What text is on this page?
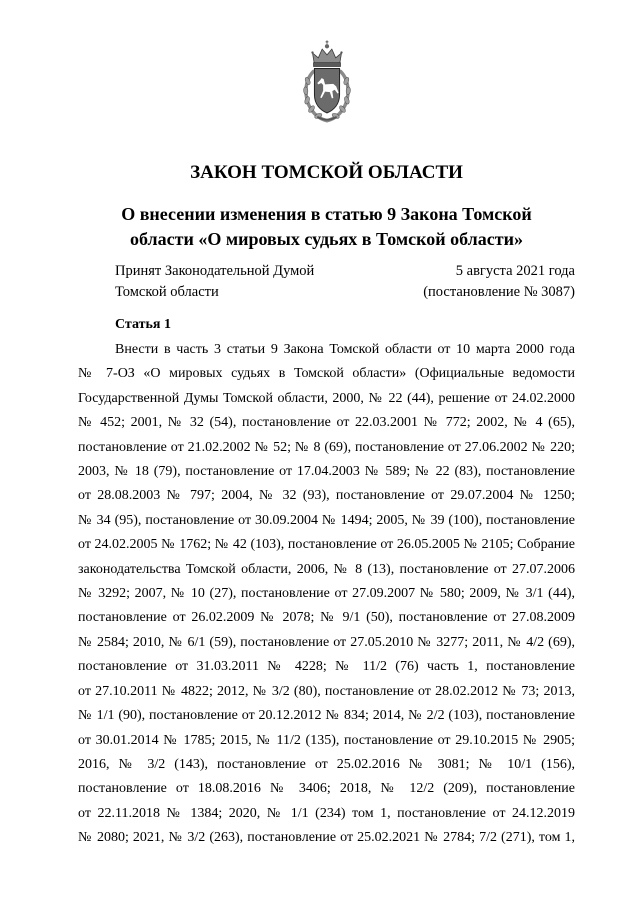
ЗАКОН ТОМСКОЙ ОБЛАСТИ
О внесении изменения в статью 9 Закона Томской
области «О мировых судьях в Томской области»
Принят Законодательной Думой
Томской области
5 августа 2021 года
(постановление № 3087)
Статья 1
Внести в часть 3 статьи 9 Закона Томской области от 10 марта 2000 года
№ 7-ОЗ «О мировых судьях в Томской области» (Официальные ведомости
Государственной Думы Томской области, 2000, № 22 (44), решение от 24.02.2000
№ 452; 2001, № 32 (54), постановление от 22.03.2001 № 772; 2002, № 4 (65),
постановление от 21.02.2002 № 52; № 8 (69), постановление от 27.06.2002 № 220;
2003, № 18 (79), постановление от 17.04.2003 № 589; № 22 (83), постановление
от 28.08.2003 № 797; 2004, № 32 (93), постановление от 29.07.2004 № 1250;
№ 34 (95), постановление от 30.09.2004 № 1494; 2005, № 39 (100), постановление
от 24.02.2005 № 1762; № 42 (103), постановление от 26.05.2005 № 2105; Собрание
законодательства Томской области, 2006, № 8 (13), постановление от 27.07.2006
№ 3292; 2007, № 10 (27), постановление от 27.09.2007 № 580; 2009, № 3/1 (44),
постановление от 26.02.2009 № 2078; № 9/1 (50), постановление от 27.08.2009
№ 2584; 2010, № 6/1 (59), постановление от 27.05.2010 № 3277; 2011, № 4/2 (69),
постановление от 31.03.2011 № 4228; № 11/2 (76) часть 1, постановление
от 27.10.2011 № 4822; 2012, № 3/2 (80), постановление от 28.02.2012 № 73; 2013,
№ 1/1 (90), постановление от 20.12.2012 № 834; 2014, № 2/2 (103), постановление
от 30.01.2014 № 1785; 2015, № 11/2 (135), постановление от 29.10.2015 № 2905;
2016, № 3/2 (143), постановление от 25.02.2016 № 3081; № 10/1 (156),
постановление от 18.08.2016 № 3406; 2018, № 12/2 (209), постановление
от 22.11.2018 № 1384; 2020, № 1/1 (234) том 1, постановление от 24.12.2019
№ 2080; 2021, № 3/2 (263), постановление от 25.02.2021 № 2784; 7/2 (271), том 1,
